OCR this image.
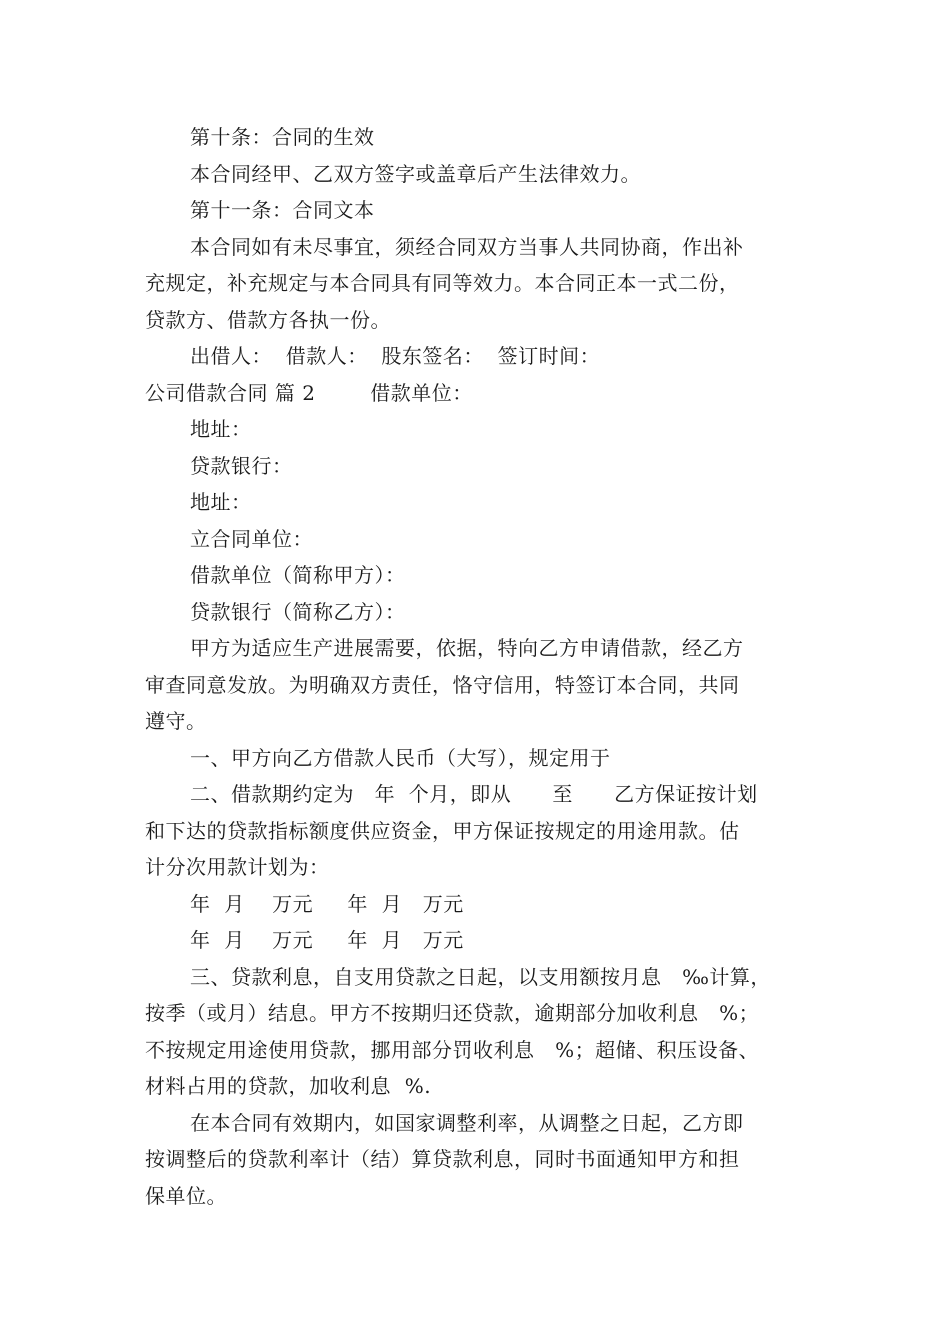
第十条：合同的生效
本合同经甲、乙双方签字或盖章后产生法律效力。
第十一条：合同文本
本合同如有未尽事宜，须经合同双方当事人共同协商，作出补
充规定，补充规定与本合同具有同等效力。本合同正本一式二份，
贷款方、借款方各执一份。
出借人：  借款人：  股东签名：  签订时间：
公司借款合同 篇 2        借款单位：
地址：
贷款银行：
地址：
立合同单位：
借款单位（简称甲方）：
贷款银行（简称乙方）：
甲方为适应生产进展需要，依据，特向乙方申请借款，经乙方
审查同意发放。为明确双方责任，恪守信用，特签订本合同，共同
遵守。
一、甲方向乙方借款人民币（大写），规定用于
二、借款期约定为   年  个月，即从      至      乙方保证按计划
和下达的贷款指标额度供应资金，甲方保证按规定的用途用款。估
计分次用款计划为：
年  月    万元     年  月   万元
年  月    万元     年  月   万元
三、贷款利息，自支用贷款之日起，以支用额按月息   ‰计算，
按季（或月）结息。甲方不按期归还贷款，逾期部分加收利息   %；
不按规定用途使用贷款，挪用部分罚收利息   %；超储、积压设备、
材料占用的贷款，加收利息  %.
在本合同有效期内，如国家调整利率，从调整之日起，乙方即
按调整后的贷款利率计（结）算贷款利息，同时书面通知甲方和担
保单位。
